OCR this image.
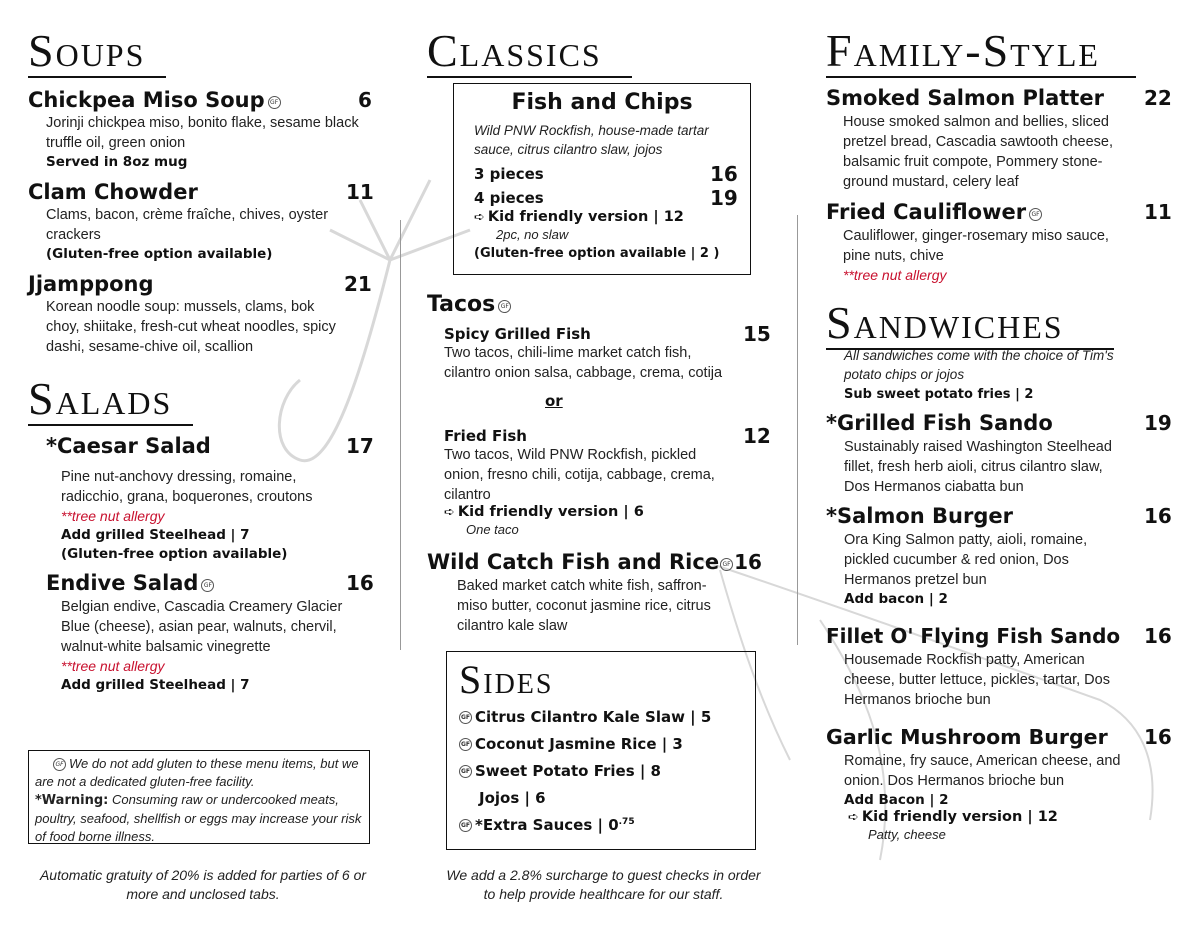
Soups
Chickpea Miso Soup GF	6
Jorinji chickpea miso, bonito flake, sesame black truffle oil, green onion
Served in 8oz mug
Clam Chowder	11
Clams, bacon, crème fraîche, chives, oyster crackers
(Gluten-free option available)
Jjamppong	21
Korean noodle soup: mussels, clams, bok choy, shiitake, fresh-cut wheat noodles, spicy dashi, sesame-chive oil, scallion
Salads
*Caesar Salad	17
Pine nut-anchovy dressing, romaine, radicchio, grana, boquerones, croutons
**tree nut allergy
Add grilled Steelhead | 7
(Gluten-free option available)
Endive Salad GF	16
Belgian endive, Cascadia Creamery Glacier Blue (cheese), asian pear, walnuts, chervil, walnut-white balsamic vinegrette
**tree nut allergy
Add grilled Steelhead | 7
GF We do not add gluten to these menu items, but we are not a dedicated gluten-free facility.
*Warning: Consuming raw or undercooked meats, poultry, seafood, shellfish or eggs may increase your risk of food borne illness.
Automatic gratuity of 20% is added for parties of 6 or more and unclosed tabs.
Classics
Fish and Chips
Wild PNW Rockfish, house-made tartar sauce, citrus cilantro slaw, jojos
3 pieces	16
4 pieces	19
➪ Kid friendly version | 12
2pc, no slaw
(Gluten-free option available | 2 )
Tacos GF
Spicy Grilled Fish	15
Two tacos, chili-lime market catch fish, cilantro onion salsa, cabbage, crema, cotija
or
Fried Fish	12
Two tacos, Wild PNW Rockfish, pickled onion, fresno chili, cotija, cabbage, crema, cilantro
➪ Kid friendly version | 6
One taco
Wild Catch Fish and Rice GF 16
Baked market catch white fish, saffron-miso butter, coconut jasmine rice, citrus cilantro kale slaw
Sides
GF Citrus Cilantro Kale Slaw | 5
GF Coconut Jasmine Rice | 3
GF Sweet Potato Fries | 8
Jojos | 6
GF *Extra Sauces | $0^{.75}$
We add a 2.8% surcharge to guest checks in order to help provide healthcare for our staff.
Family-Style
Smoked Salmon Platter 22
House smoked salmon and bellies, sliced pretzel bread, Cascadia sawtooth cheese, balsamic fruit compote, Pommery stone-ground mustard, celery leaf
Fried Cauliflower GF	11
Cauliflower, ginger-rosemary miso sauce, pine nuts, chive
**tree nut allergy
Sandwiches
All sandwiches come with the choice of Tim's potato chips or jojos
Sub sweet potato fries | 2
*Grilled Fish Sando	19
Sustainably raised Washington Steelhead fillet, fresh herb aioli, citrus cilantro slaw, Dos Hermanos ciabatta bun
*Salmon Burger	16
Ora King Salmon patty, aioli, romaine, pickled cucumber & red onion, Dos Hermanos pretzel bun
Add bacon | 2
Fillet O' Flying Fish Sando 16
Housemade Rockfish patty, American cheese, butter lettuce, pickles, tartar, Dos Hermanos brioche bun
Garlic Mushroom Burger 16
Romaine, fry sauce, American cheese, and onion. Dos Hermanos brioche bun
Add Bacon | 2
➪ Kid friendly version | 12
Patty, cheese
